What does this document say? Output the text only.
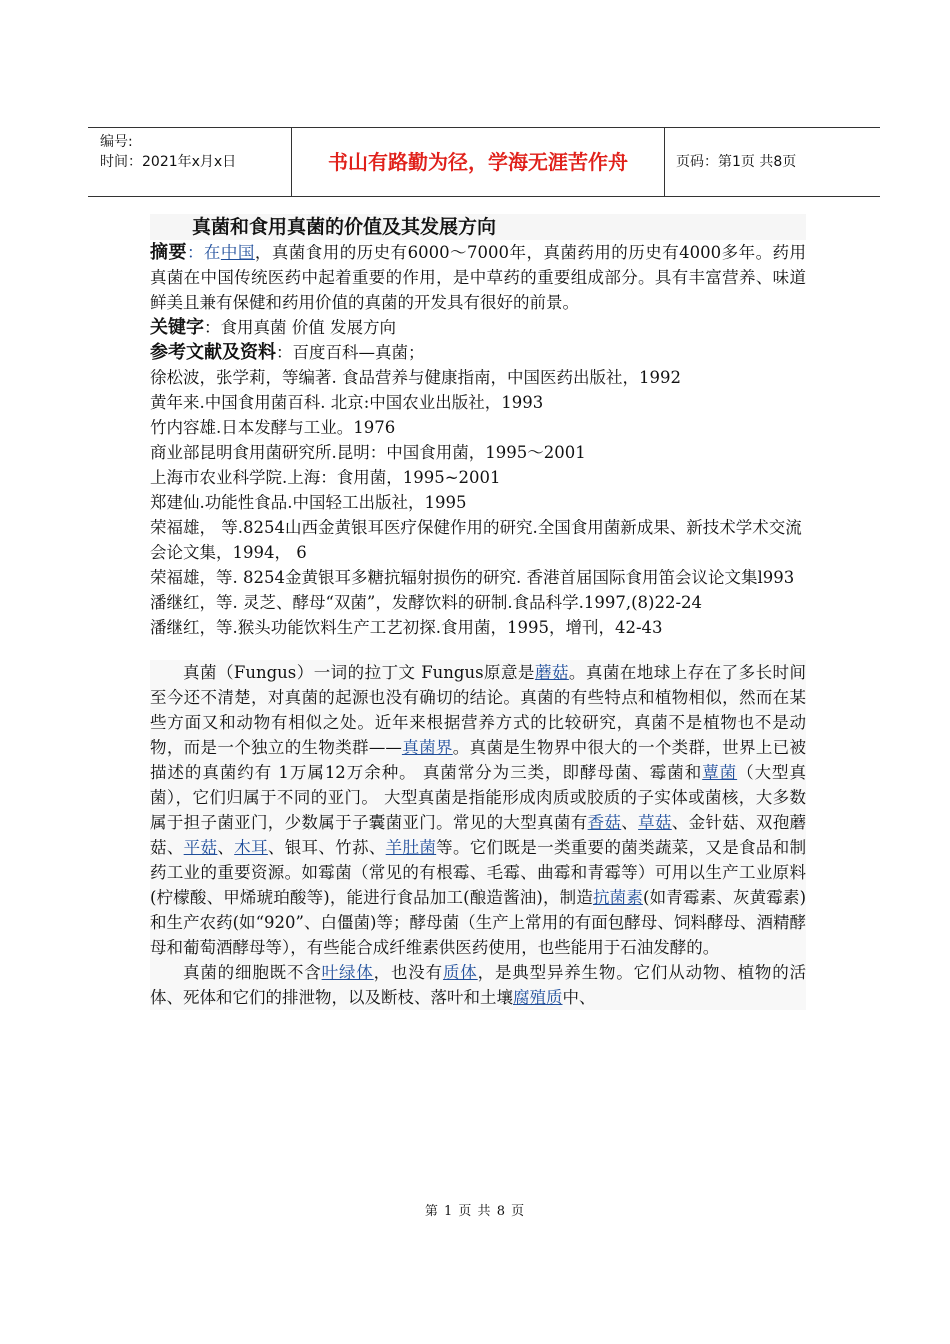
编号:
时间：2021年x月x日	书山有路勤为径，学海无涯苦作舟	页码：第1页 共8页
真菌和食用真菌的价值及其发展方向

摘要：在中国，真菌食用的历史有6000～7000年，真菌药用的历史有4000多年。药用真菌在中国传统医药中起着重要的作用，是中草药的重要组成部分。具有丰富营养、味道鲜美且兼有保健和药用价值的真菌的开发具有很好的前景。

关键字：食用真菌 价值 发展方向

参考文献及资料：百度百科—真菌；

徐松波，张学莉，等编著. 食品营养与健康指南，中国医药出版社，1992

黄年来.中国食用菌百科. 北京:中国农业出版社，1993

竹内容雄.日本发酵与工业。1976

商业部昆明食用菌研究所.昆明：中国食用菌，1995～2001

上海市农业科学院.上海：食用菌，1995~2001

郑建仙.功能性食品.中国轻工出版社，1995

荣福雄， 等.8254山西金黄银耳医疗保健作用的研究.全国食用菌新成果、新技术学术交流会论文集，1994， 6

荣福雄，等. 8254金黄银耳多糖抗辐射损伤的研究. 香港首届国际食用笛会议论文集l993

潘继红，等. 灵芝、酵母“双菌”，发酵饮料的研制.食品科学.1997,(8)22-24

潘继红，等.猴头功能饮料生产工艺初探.食用菌，1995，增刊，42-43

真菌（Fungus）一词的拉丁文 Fungus原意是蘑菇。真菌在地球上存在了多长时间至今还不清楚，对真菌的起源也没有确切的结论。真菌的有些特点和植物相似，然而在某些方面又和动物有相似之处。近年来根据营养方式的比较研究，真菌不是植物也不是动物，而是一个独立的生物类群——真菌界。真菌是生物界中很大的一个类群，世界上已被描述的真菌约有 1万属12万余种。 真菌常分为三类，即酵母菌、霉菌和蕈菌（大型真菌），它们归属于不同的亚门。 大型真菌是指能形成肉质或胶质的子实体或菌核，大多数属于担子菌亚门，少数属于子囊菌亚门。常见的大型真菌有香菇、草菇、金针菇、双孢蘑菇、平菇、木耳、银耳、竹荪、羊肚菌等。它们既是一类重要的菌类蔬菜，又是食品和制药工业的重要资源。如霉菌（常见的有根霉、毛霉、曲霉和青霉等）可用以生产工业原料(柠檬酸、甲烯琥珀酸等)，能进行食品加工(酿造酱油)，制造抗菌素(如青霉素、灰黄霉素)和生产农药(如“920”、白僵菌)等；酵母菌（生产上常用的有面包酵母、饲料酵母、酒精酵母和葡萄酒酵母等），有些能合成纤维素供医药使用，也些能用于石油发酵的。

真菌的细胞既不含叶绿体，也没有质体，是典型异养生物。它们从动物、植物的活体、死体和它们的排泄物，以及断枝、落叶和土壤腐殖质中、

第 1 页 共 8 页
